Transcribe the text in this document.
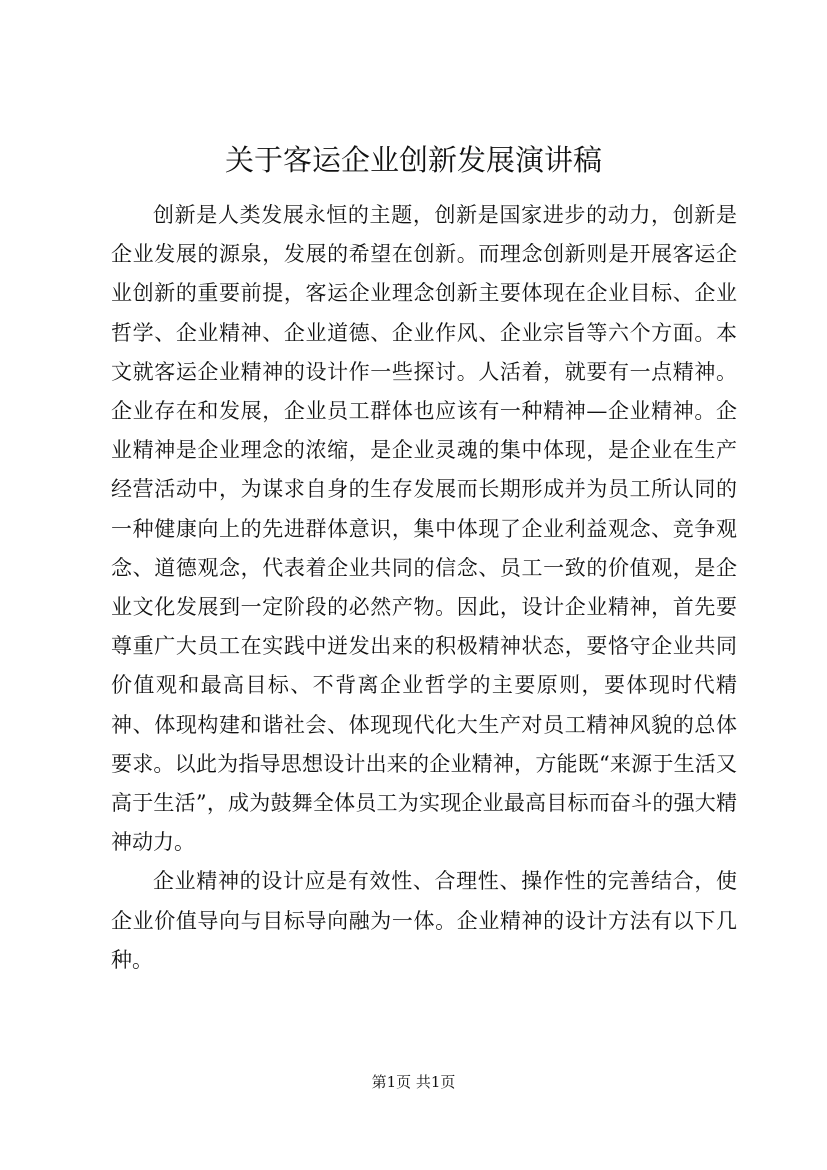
关于客运企业创新发展演讲稿

创新是人类发展永恒的主题，创新是国家进步的动力，创新是企业发展的源泉，发展的希望在创新。而理念创新则是开展客运企业创新的重要前提，客运企业理念创新主要体现在企业目标、企业哲学、企业精神、企业道德、企业作风、企业宗旨等六个方面。本文就客运企业精神的设计作一些探讨。人活着，就要有一点精神。企业存在和发展，企业员工群体也应该有一种精神—企业精神。企业精神是企业理念的浓缩，是企业灵魂的集中体现，是企业在生产经营活动中，为谋求自身的生存发展而长期形成并为员工所认同的一种健康向上的先进群体意识，集中体现了企业利益观念、竞争观念、道德观念，代表着企业共同的信念、员工一致的价值观，是企业文化发展到一定阶段的必然产物。因此，设计企业精神，首先要尊重广大员工在实践中迸发出来的积极精神状态，要恪守企业共同价值观和最高目标、不背离企业哲学的主要原则，要体现时代精神、体现构建和谐社会、体现现代化大生产对员工精神风貌的总体要求。以此为指导思想设计出来的企业精神，方能既“来源于生活又高于生活”，成为鼓舞全体员工为实现企业最高目标而奋斗的强大精神动力。

企业精神的设计应是有效性、合理性、操作性的完善结合，使企业价值导向与目标导向融为一体。企业精神的设计方法有以下几种。

第1页 共1页
